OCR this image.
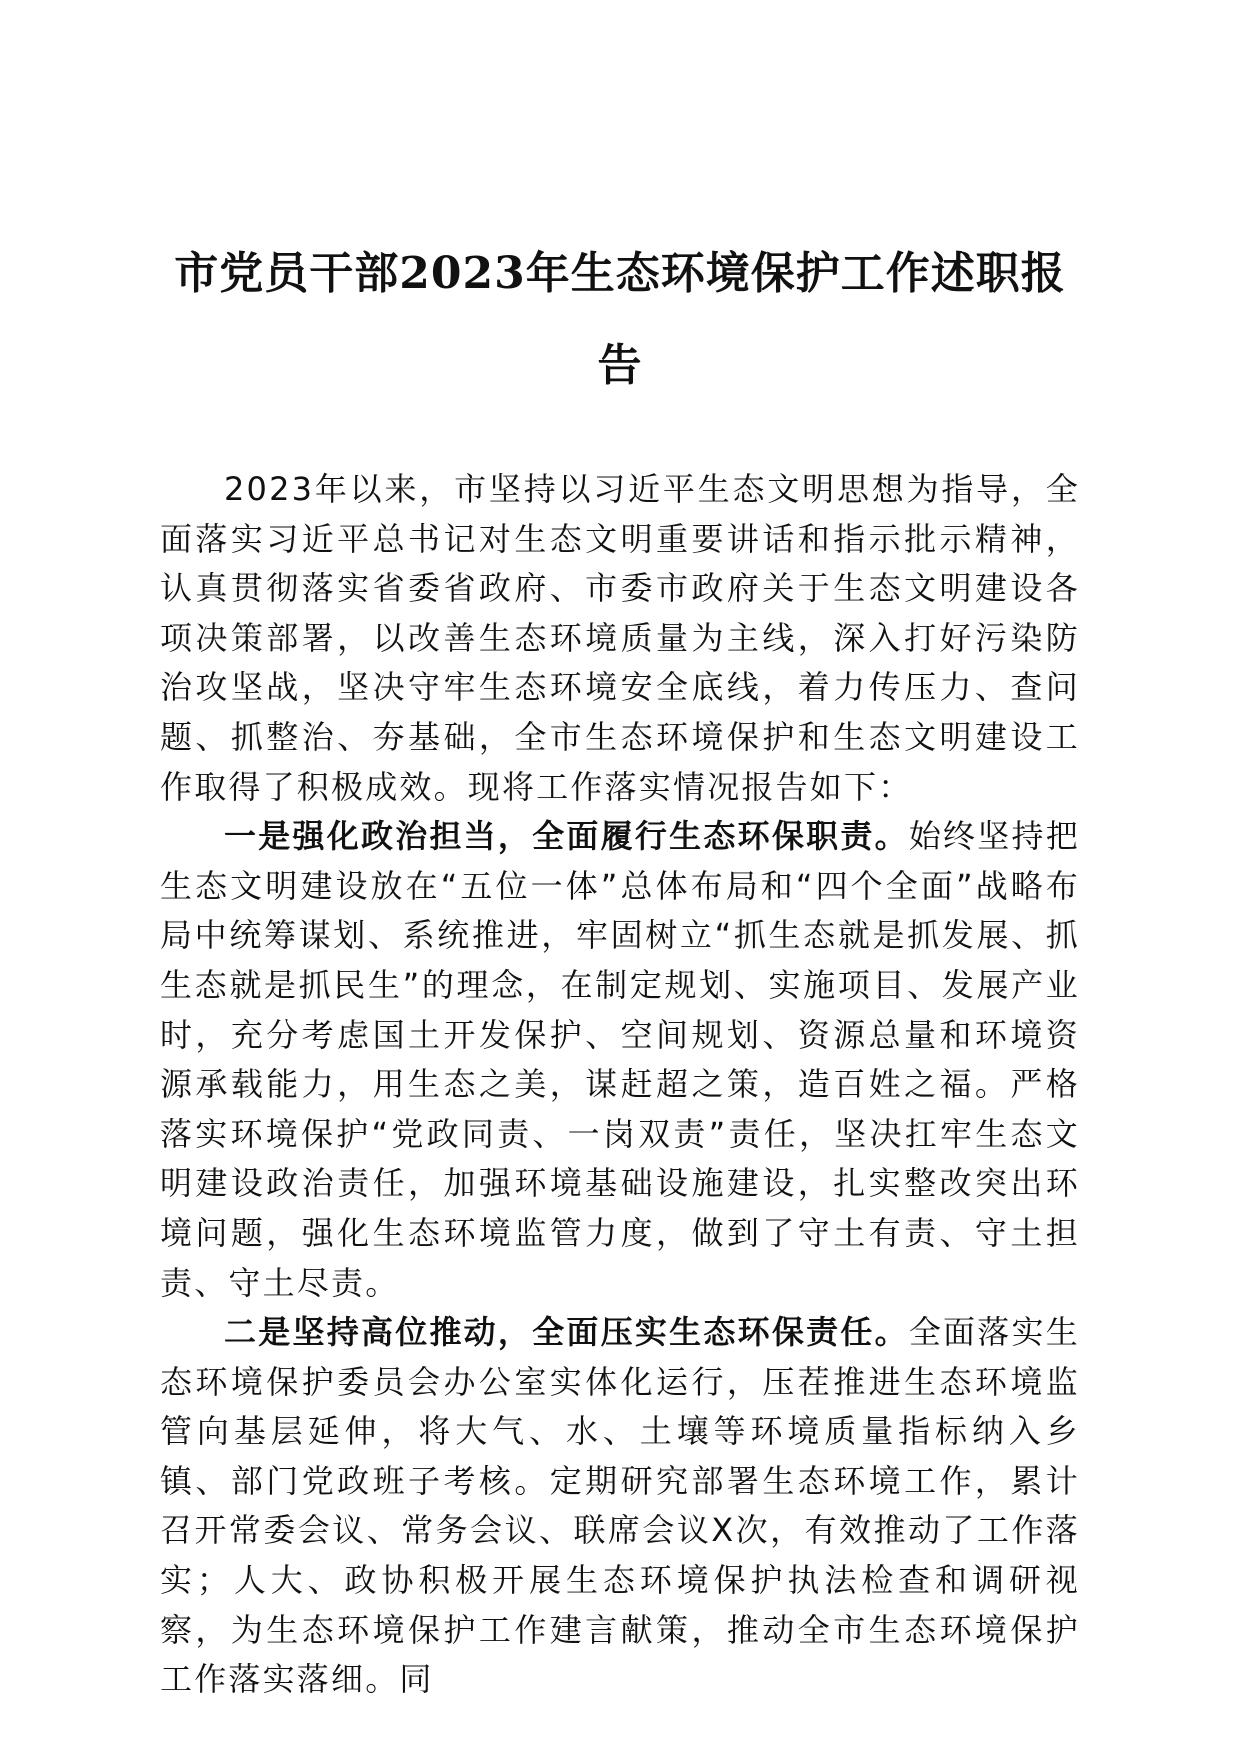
市党员干部2023年生态环境保护工作述职报
告

2023年以来，市坚持以习近平生态文明思想为指导，全面落实习近平总书记对生态文明重要讲话和指示批示精神，认真贯彻落实省委省政府、市委市政府关于生态文明建设各项决策部署，以改善生态环境质量为主线，深入打好污染防治攻坚战，坚决守牢生态环境安全底线，着力传压力、查问题、抓整治、夯基础，全市生态环境保护和生态文明建设工作取得了积极成效。现将工作落实情况报告如下：

一是强化政治担当，全面履行生态环保职责。始终坚持把生态文明建设放在“五位一体”总体布局和“四个全面”战略布局中统筹谋划、系统推进，牢固树立“抓生态就是抓发展、抓生态就是抓民生”的理念，在制定规划、实施项目、发展产业时，充分考虑国土开发保护、空间规划、资源总量和环境资源承载能力，用生态之美，谋赶超之策，造百姓之福。严格落实环境保护“党政同责、一岗双责”责任，坚决扛牢生态文明建设政治责任，加强环境基础设施建设，扎实整改突出环境问题，强化生态环境监管力度，做到了守土有责、守土担责、守土尽责。

二是坚持高位推动，全面压实生态环保责任。全面落实生态环境保护委员会办公室实体化运行，压茬推进生态环境监管向基层延伸，将大气、水、土壤等环境质量指标纳入乡镇、部门党政班子考核。定期研究部署生态环境工作，累计召开常委会议、常务会议、联席会议X次，有效推动了工作落实；人大、政协积极开展生态环境保护执法检查和调研视察，为生态环境保护工作建言献策，推动全市生态环境保护工作落实落细。同
